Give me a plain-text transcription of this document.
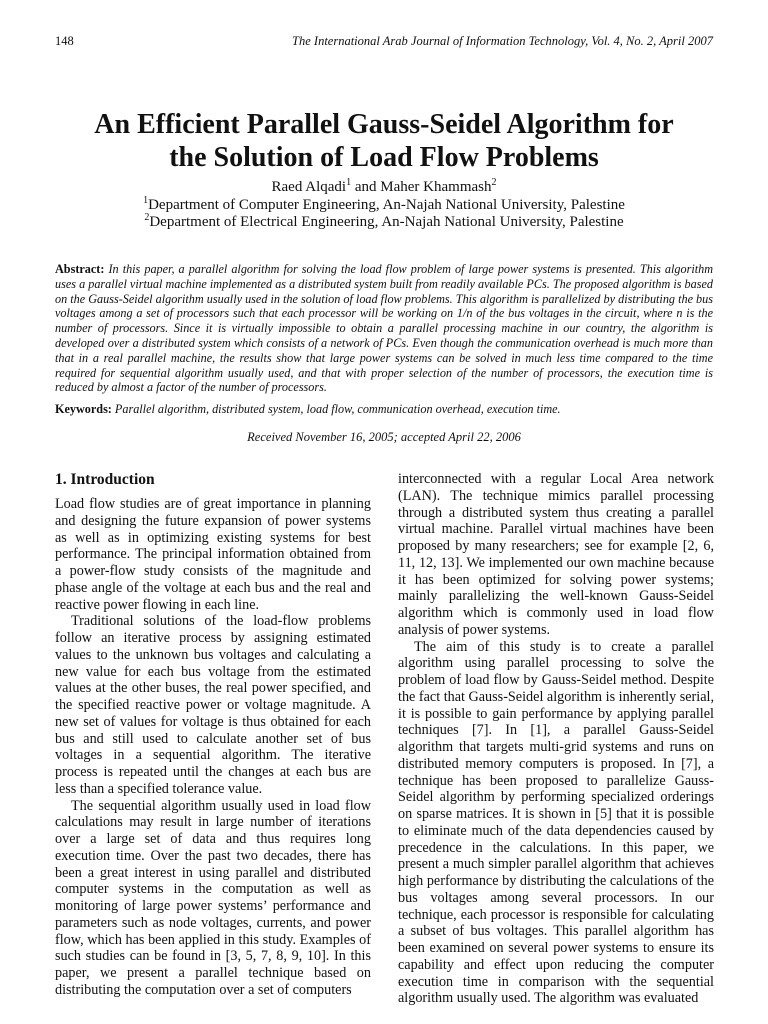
148	The International Arab Journal of Information Technology, Vol. 4, No. 2, April 2007
An Efficient Parallel Gauss-Seidel Algorithm for
the Solution of Load Flow Problems
Raed Alqadi$^1$ and Maher Khammash$^2$
$^1$Department of Computer Engineering, An-Najah National University, Palestine
$^2$Department of Electrical Engineering, An-Najah National University, Palestine
Abstract: In this paper, a parallel algorithm for solving the load flow problem of large power systems is presented. This algorithm uses a parallel virtual machine implemented as a distributed system built from readily available PCs. The proposed algorithm is based on the Gauss-Seidel algorithm usually used in the solution of load flow problems. This algorithm is parallelized by distributing the bus voltages among a set of processors such that each processor will be working on 1/n of the bus voltages in the circuit, where n is the number of processors. Since it is virtually impossible to obtain a parallel processing machine in our country, the algorithm is developed over a distributed system which consists of a network of PCs. Even though the communication overhead is much more than that in a real parallel machine, the results show that large power systems can be solved in much less time compared to the time required for sequential algorithm usually used, and that with proper selection of the number of processors, the execution time is reduced by almost a factor of the number of processors.
Keywords: Parallel algorithm, distributed system, load flow, communication overhead, execution time.
Received November 16, 2005; accepted April 22, 2006
1. Introduction

Load flow studies are of great importance in planning and designing the future expansion of power systems as well as in optimizing existing systems for best performance. The principal information obtained from a power-flow study consists of the magnitude and phase angle of the voltage at each bus and the real and reactive power flowing in each line.

Traditional solutions of the load-flow problems follow an iterative process by assigning estimated values to the unknown bus voltages and calculating a new value for each bus voltage from the estimated values at the other buses, the real power specified, and the specified reactive power or voltage magnitude. A new set of values for voltage is thus obtained for each bus and still used to calculate another set of bus voltages in a sequential algorithm. The iterative process is repeated until the changes at each bus are less than a specified tolerance value.

The sequential algorithm usually used in load flow calculations may result in large number of iterations over a large set of data and thus requires long execution time. Over the past two decades, there has been a great interest in using parallel and distributed computer systems in the computation as well as monitoring of large power systems’ performance and parameters such as node voltages, currents, and power flow, which has been applied in this study. Examples of such studies can be found in [3, 5, 7, 8, 9, 10]. In this paper, we present a parallel technique based on distributing the computation over a set of computers

interconnected with a regular Local Area network (LAN). The technique mimics parallel processing through a distributed system thus creating a parallel virtual machine. Parallel virtual machines have been proposed by many researchers; see for example [2, 6, 11, 12, 13]. We implemented our own machine because it has been optimized for solving power systems; mainly parallelizing the well-known Gauss-Seidel algorithm which is commonly used in load flow analysis of power systems.

The aim of this study is to create a parallel algorithm using parallel processing to solve the problem of load flow by Gauss-Seidel method. Despite the fact that Gauss-Seidel algorithm is inherently serial, it is possible to gain performance by applying parallel techniques [7]. In [1], a parallel Gauss-Seidel algorithm that targets multi-grid systems and runs on distributed memory computers is proposed. In [7], a technique has been proposed to parallelize Gauss-Seidel algorithm by performing specialized orderings on sparse matrices. It is shown in [5] that it is possible to eliminate much of the data dependencies caused by precedence in the calculations. In this paper, we present a much simpler parallel algorithm that achieves high performance by distributing the calculations of the bus voltages among several processors. In our technique, each processor is responsible for calculating a subset of bus voltages. This parallel algorithm has been examined on several power systems to ensure its capability and effect upon reducing the computer execution time in comparison with the sequential algorithm usually used. The algorithm was evaluated
